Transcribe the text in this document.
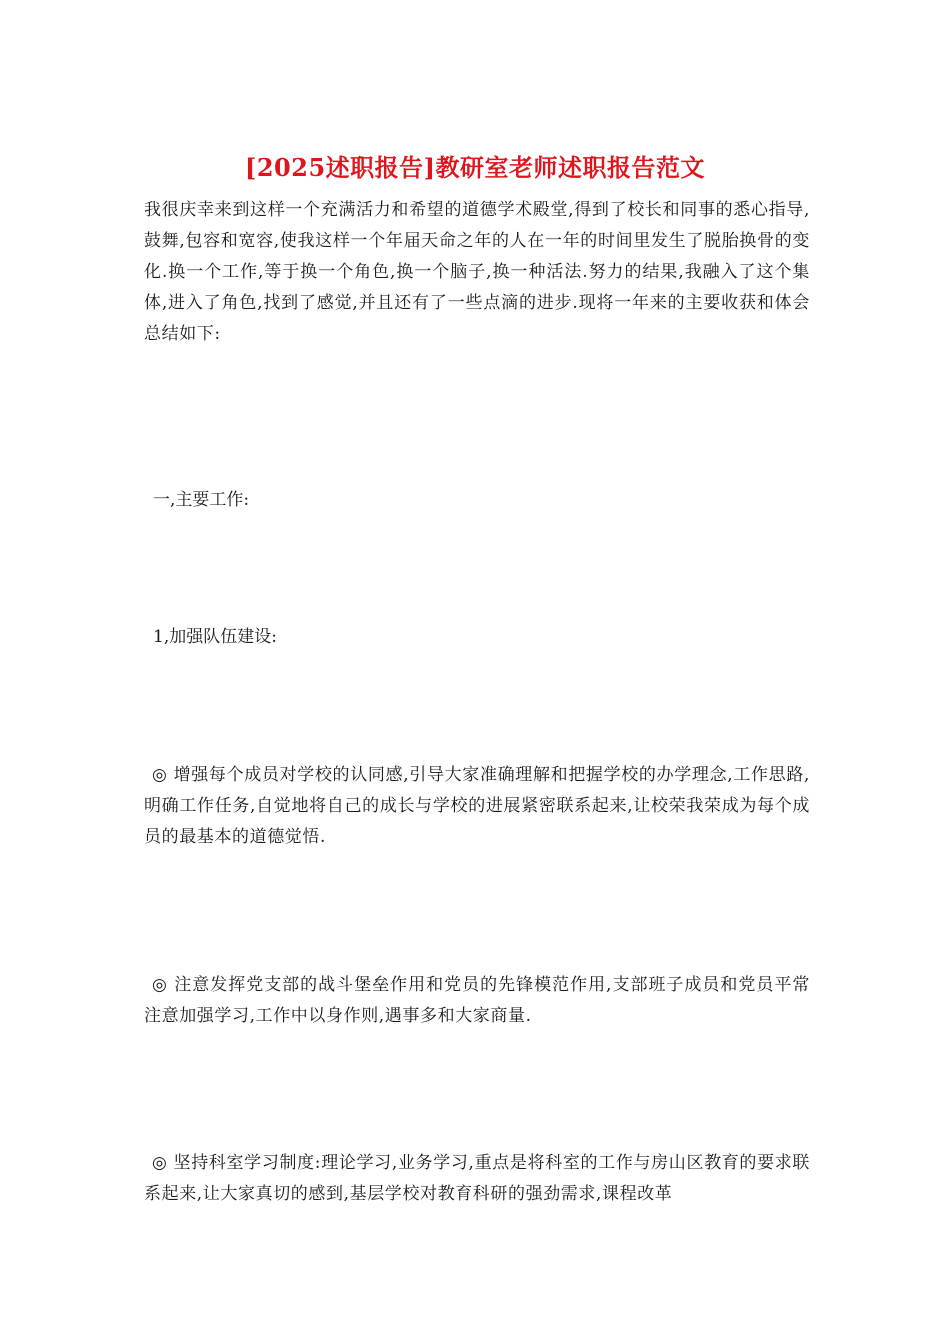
[2025述职报告]教研室老师述职报告范文

我很庆幸来到这样一个充满活力和希望的道德学术殿堂,得到了校长和同事的悉心指导,鼓舞,包容和宽容,使我这样一个年届天命之年的人在一年的时间里发生了脱胎换骨的变化.换一个工作,等于换一个角色,换一个脑子,换一种活法.努力的结果,我融入了这个集体,进入了角色,找到了感觉,并且还有了一些点滴的进步.现将一年来的主要收获和体会总结如下:

一,主要工作:

1,加强队伍建设:

◎ 增强每个成员对学校的认同感,引导大家准确理解和把握学校的办学理念,工作思路,明确工作任务,自觉地将自己的成长与学校的进展紧密联系起来,让校荣我荣成为每个成员的最基本的道德觉悟.

◎ 注意发挥党支部的战斗堡垒作用和党员的先锋模范作用,支部班子成员和党员平常注意加强学习,工作中以身作则,遇事多和大家商量.

◎ 坚持科室学习制度:理论学习,业务学习,重点是将科室的工作与房山区教育的要求联系起来,让大家真切的感到,基层学校对教育科研的强劲需求,课程改革
